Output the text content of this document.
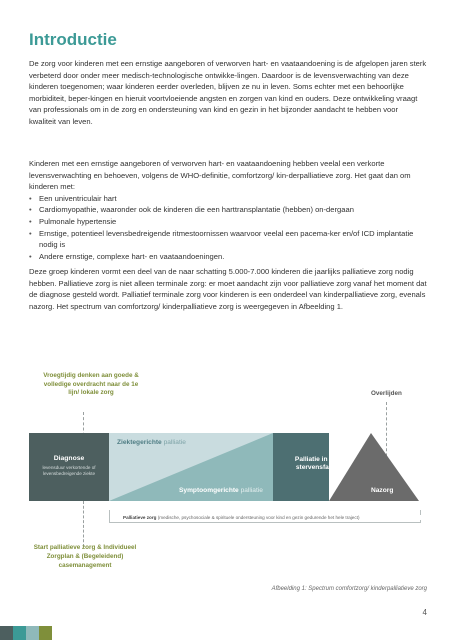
Introductie
De zorg voor kinderen met een ernstige aangeboren of verworven hart- en vaataandoening is de afgelopen jaren sterk verbeterd door onder meer medisch-technologische ontwikke-lingen. Daardoor is de levensverwachting van deze kinderen toegenomen; waar kinderen eerder overleden, blijven ze nu in leven. Soms echter met een behoorlijke morbiditeit, beper-kingen en hieruit voortvloeiende angsten en zorgen van kind en ouders. Deze ontwikkeling vraagt van professionals om in de zorg en ondersteuning van kind en gezin in het bijzonder aandacht te hebben voor kwaliteit van leven.
Kinderen met een ernstige aangeboren of verworven hart- en vaataandoening hebben veelal een verkorte levensverwachting en behoeven, volgens de WHO-definitie, comfortzorg/ kin-derpalliatieve zorg. Het gaat dan om kinderen met:
• Een univentriculair hart
• Cardiomyopathie, waaronder ook de kinderen die een harttransplantatie (hebben) on-dergaan
• Pulmonale hypertensie
• Ernstige, potentieel levensbedreigende ritmestoornissen waarvoor veelal een pacema-ker en/of ICD implantatie nodig is
• Andere ernstige, complexe hart- en vaataandoeningen.
Deze groep kinderen vormt een deel van de naar schatting 5.000-7.000 kinderen die jaarlijks palliatieve zorg nodig hebben. Palliatieve zorg is niet alleen terminale zorg: er moet aandacht zijn voor palliatieve zorg vanaf het moment dat de diagnose gesteld wordt. Palliatief terminale zorg voor kinderen is een onderdeel van kinderpalliatieve zorg, evenals nazorg. Het spectrum van comfortzorg/ kinderpalliatieve zorg is weergegeven in Afbeelding 1.
Vroegtijdig denken aan goede & volledige overdracht naar de 1e lijn/ lokale zorg	Overlijden
Diagnose
levensduur verkortende of levensbedreigende ziekte
Ziektegerichte palliatie
Symptoomgerichte palliatie
Palliatie in de stervensfase
Nazorg
Palliatieve zorg (medische, psychosociale & spirituele ondersteuning voor kind en gezin gedurende het hele traject)
Start palliatieve zorg & Individueel Zorgplan & (Begeleidend) casemanagement
Afbeelding 1: Spectrum comfortzorg/ kinderpalliatieve zorg
4
